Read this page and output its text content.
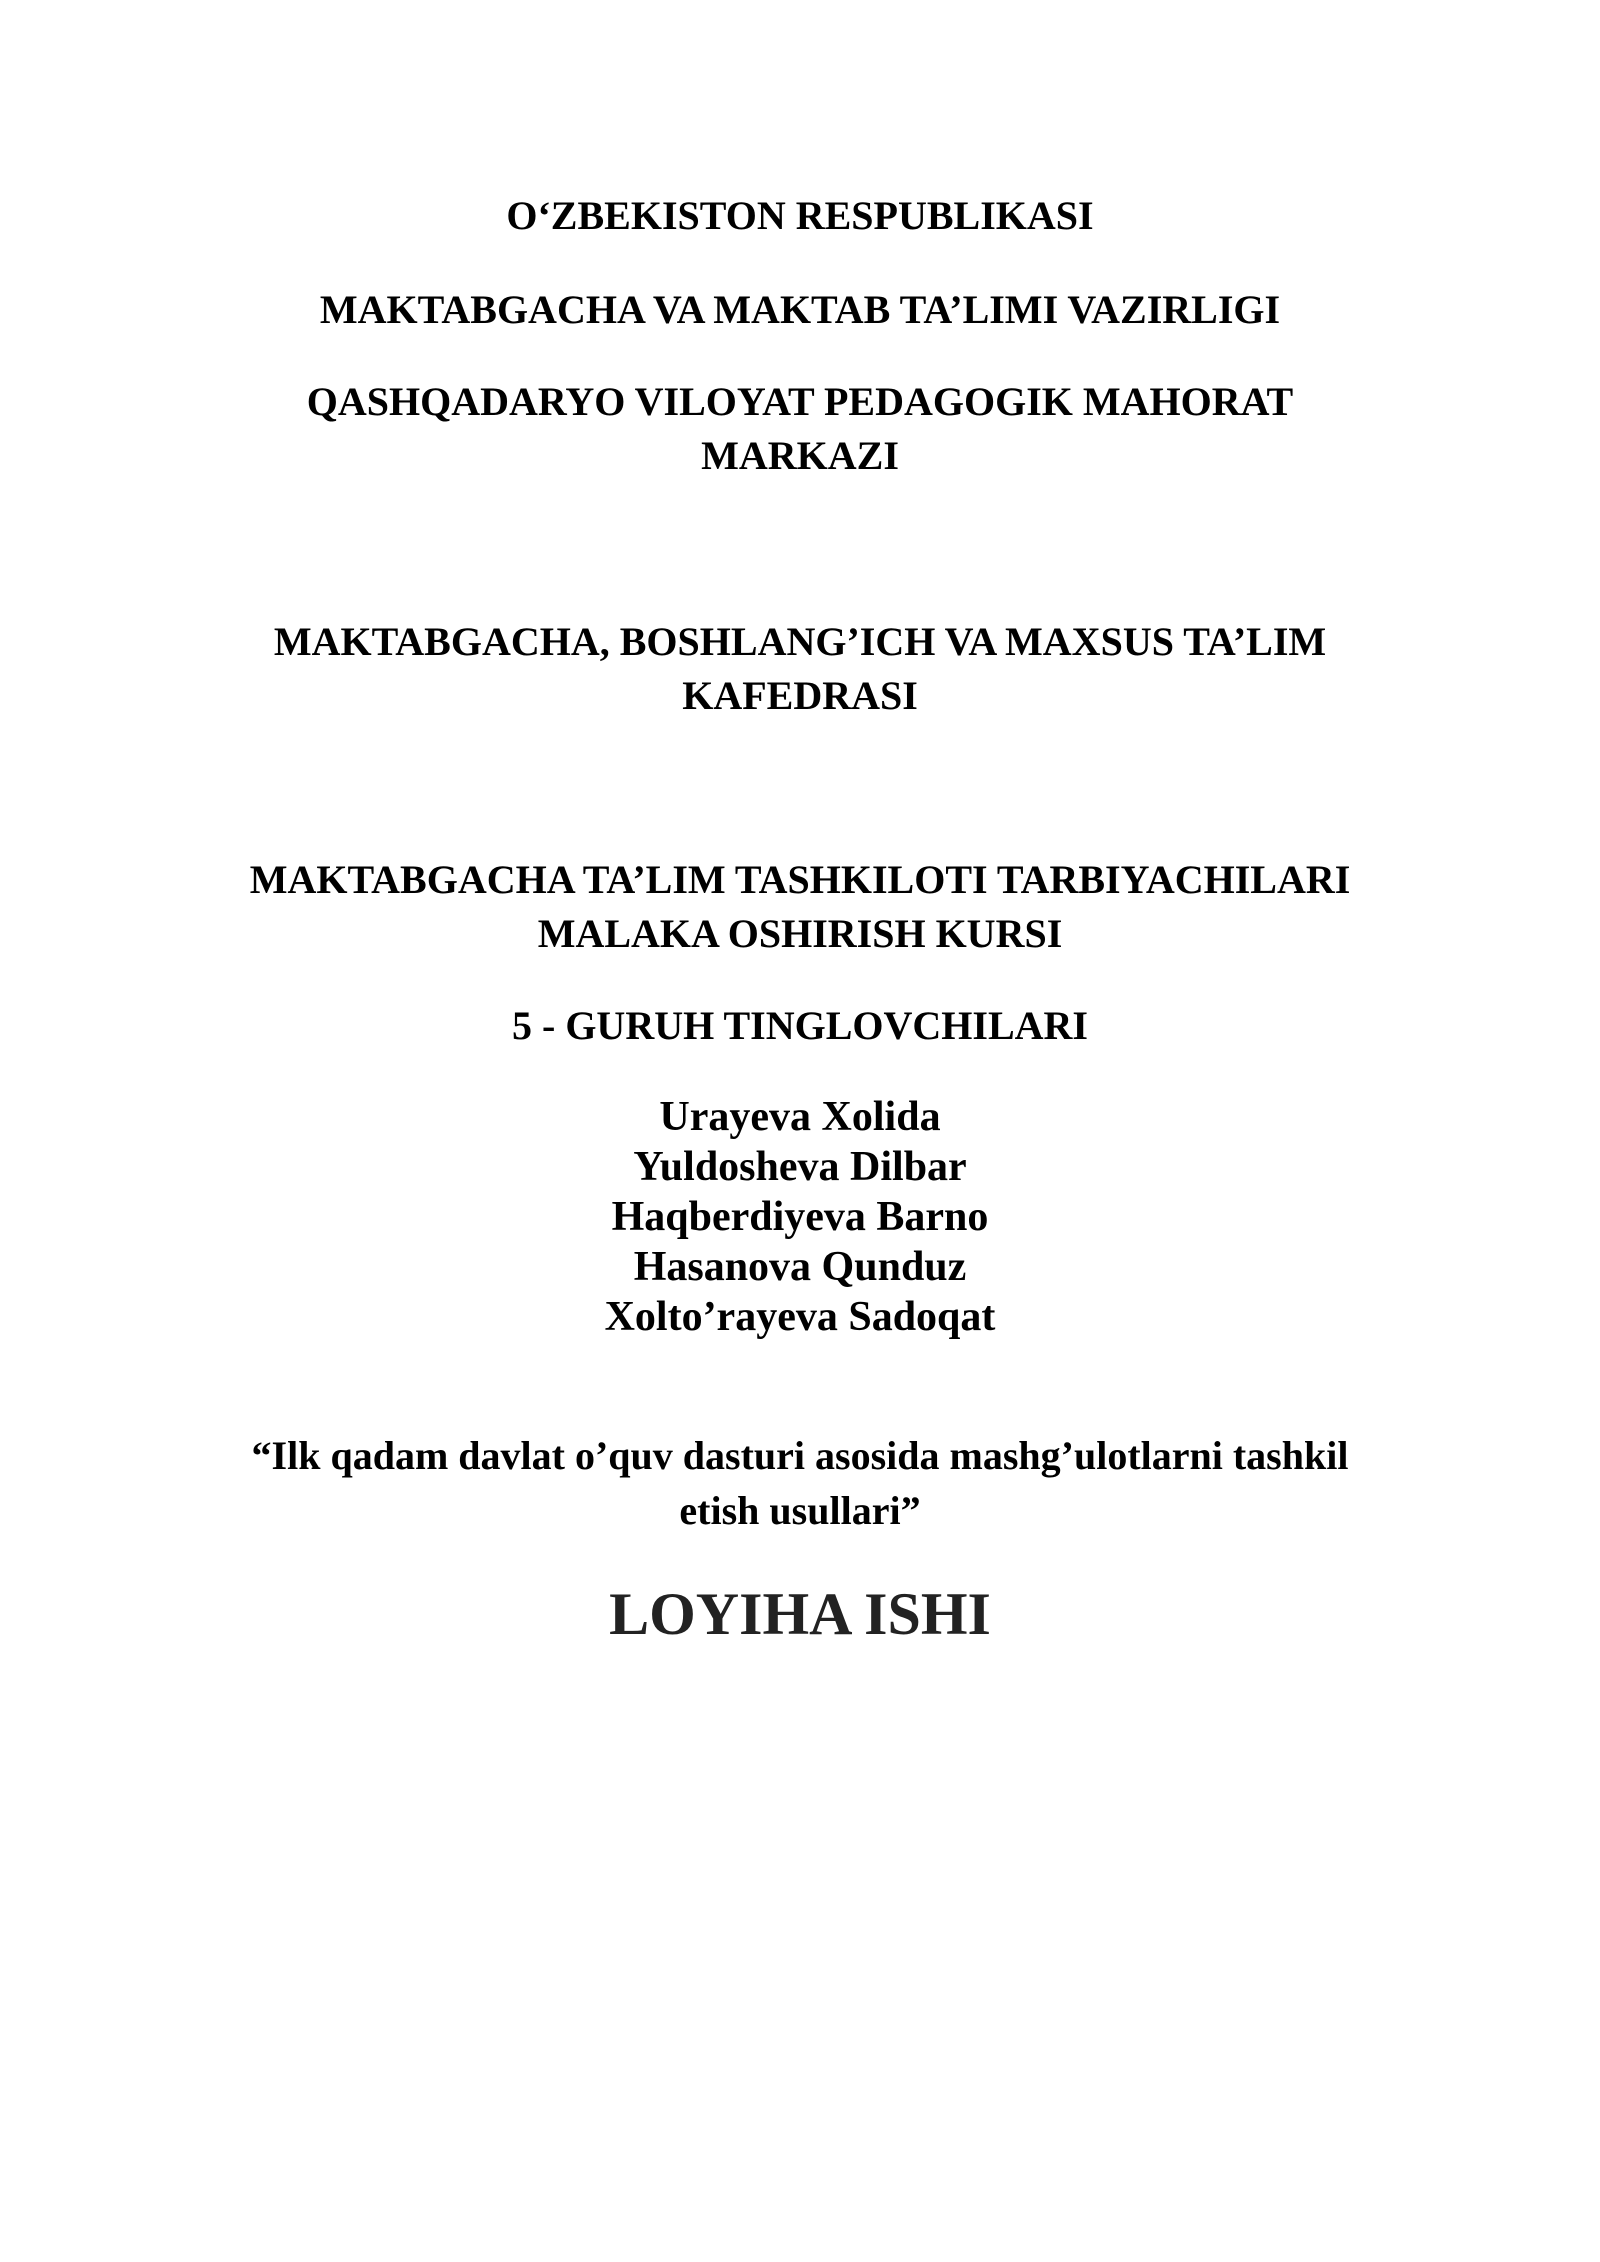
O‘ZBEKISTON RESPUBLIKASI

MAKTABGACHA VA MAKTAB TA’LIMI VAZIRLIGI

QASHQADARYO VILOYAT PEDAGOGIK MAHORAT

MARKAZI

MAKTABGACHA, BOSHLANG’ICH VA MAXSUS TA’LIM

KAFEDRASI

MAKTABGACHA TA’LIM TASHKILOTI TARBIYACHILARI

MALAKA OSHIRISH KURSI

5 - GURUH TINGLOVCHILARI

Urayeva Xolida
Yuldosheva Dilbar
Haqberdiyeva Barno
Hasanova Qunduz
Xolto’rayeva Sadoqat

“Ilk qadam davlat o’quv dasturi asosida mashg’ulotlarni tashkil

etish usullari”

LOYIHA ISHI
